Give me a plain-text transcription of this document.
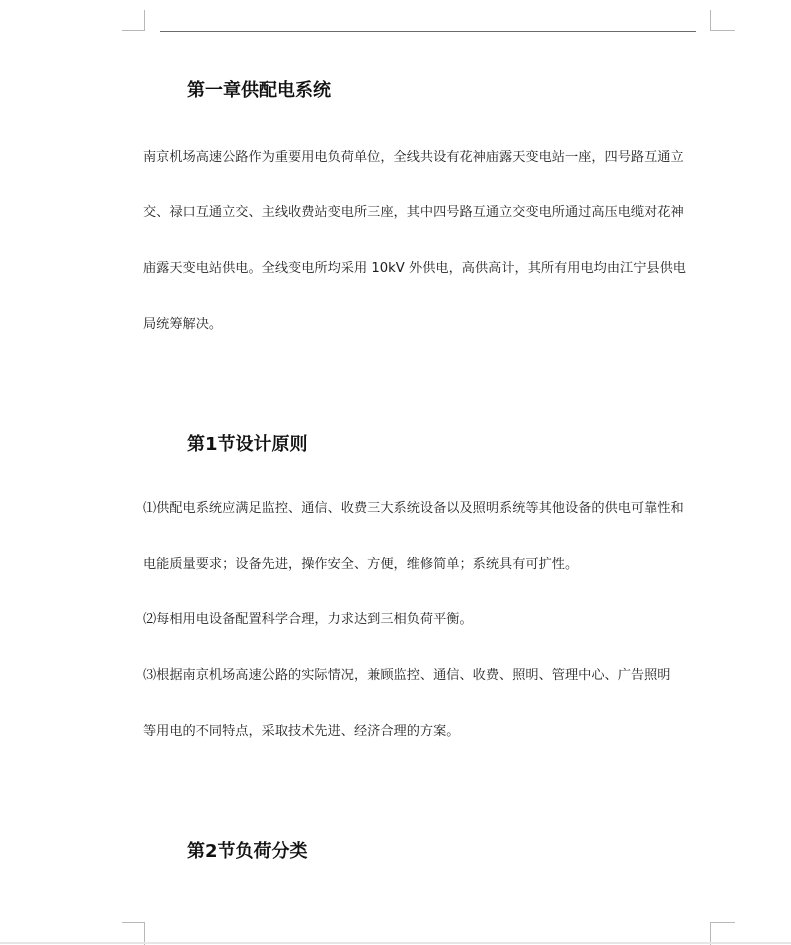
第一章供配电系统

南京机场高速公路作为重要用电负荷单位，全线共设有花神庙露天变电站一座，四号路互通立

交、禄口互通立交、主线收费站变电所三座，其中四号路互通立交变电所通过高压电缆对花神

庙露天变电站供电。全线变电所均采用 10kV 外供电，高供高计，其所有用电均由江宁县供电

局统筹解决。

第1节设计原则

⑴供配电系统应满足监控、通信、收费三大系统设备以及照明系统等其他设备的供电可靠性和

电能质量要求；设备先进，操作安全、方便，维修简单；系统具有可扩性。

⑵每相用电设备配置科学合理，力求达到三相负荷平衡。

⑶根据南京机场高速公路的实际情况，兼顾监控、通信、收费、照明、管理中心、广告照明

等用电的不同特点，采取技术先进、经济合理的方案。

第2节负荷分类
